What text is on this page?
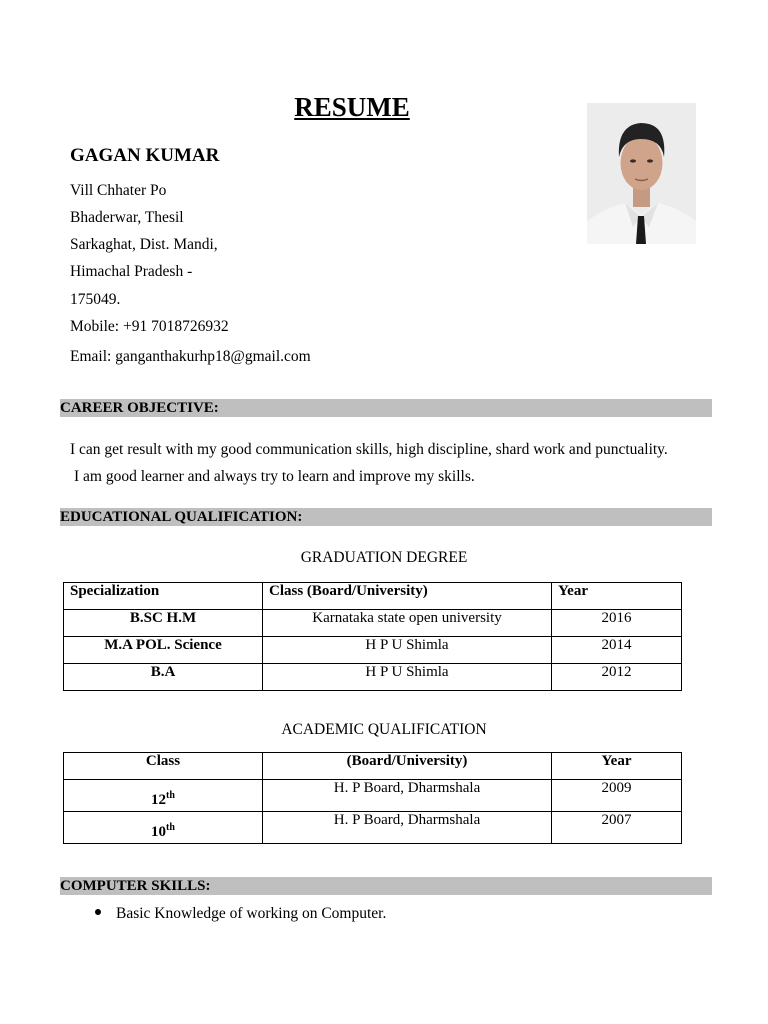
RESUME
GAGAN KUMAR
Vill Chhater Po
Bhaderwar, Thesil
Sarkaghat, Dist. Mandi,
Himachal Pradesh -
175049.
Mobile: +91 7018726932
Email: ganganthakurhp18@gmail.com
CAREER OBJECTIVE:
I can get result with my good communication skills, high discipline, shard work and punctuality.
I am good learner and always try to learn and improve my skills.
EDUCATIONAL QUALIFICATION:
GRADUATION DEGREE
Specialization	Class (Board/University)	Year
B.SC H.M	Karnataka state open university	2016
M.A POL. Science	H P U Shimla	2014
B.A	H P U Shimla	2012
ACADEMIC QUALIFICATION
Class	(Board/University)	Year
12th	H. P Board, Dharmshala	2009
10th	H. P Board, Dharmshala	2007
COMPUTER SKILLS:
Basic Knowledge of working on Computer.
